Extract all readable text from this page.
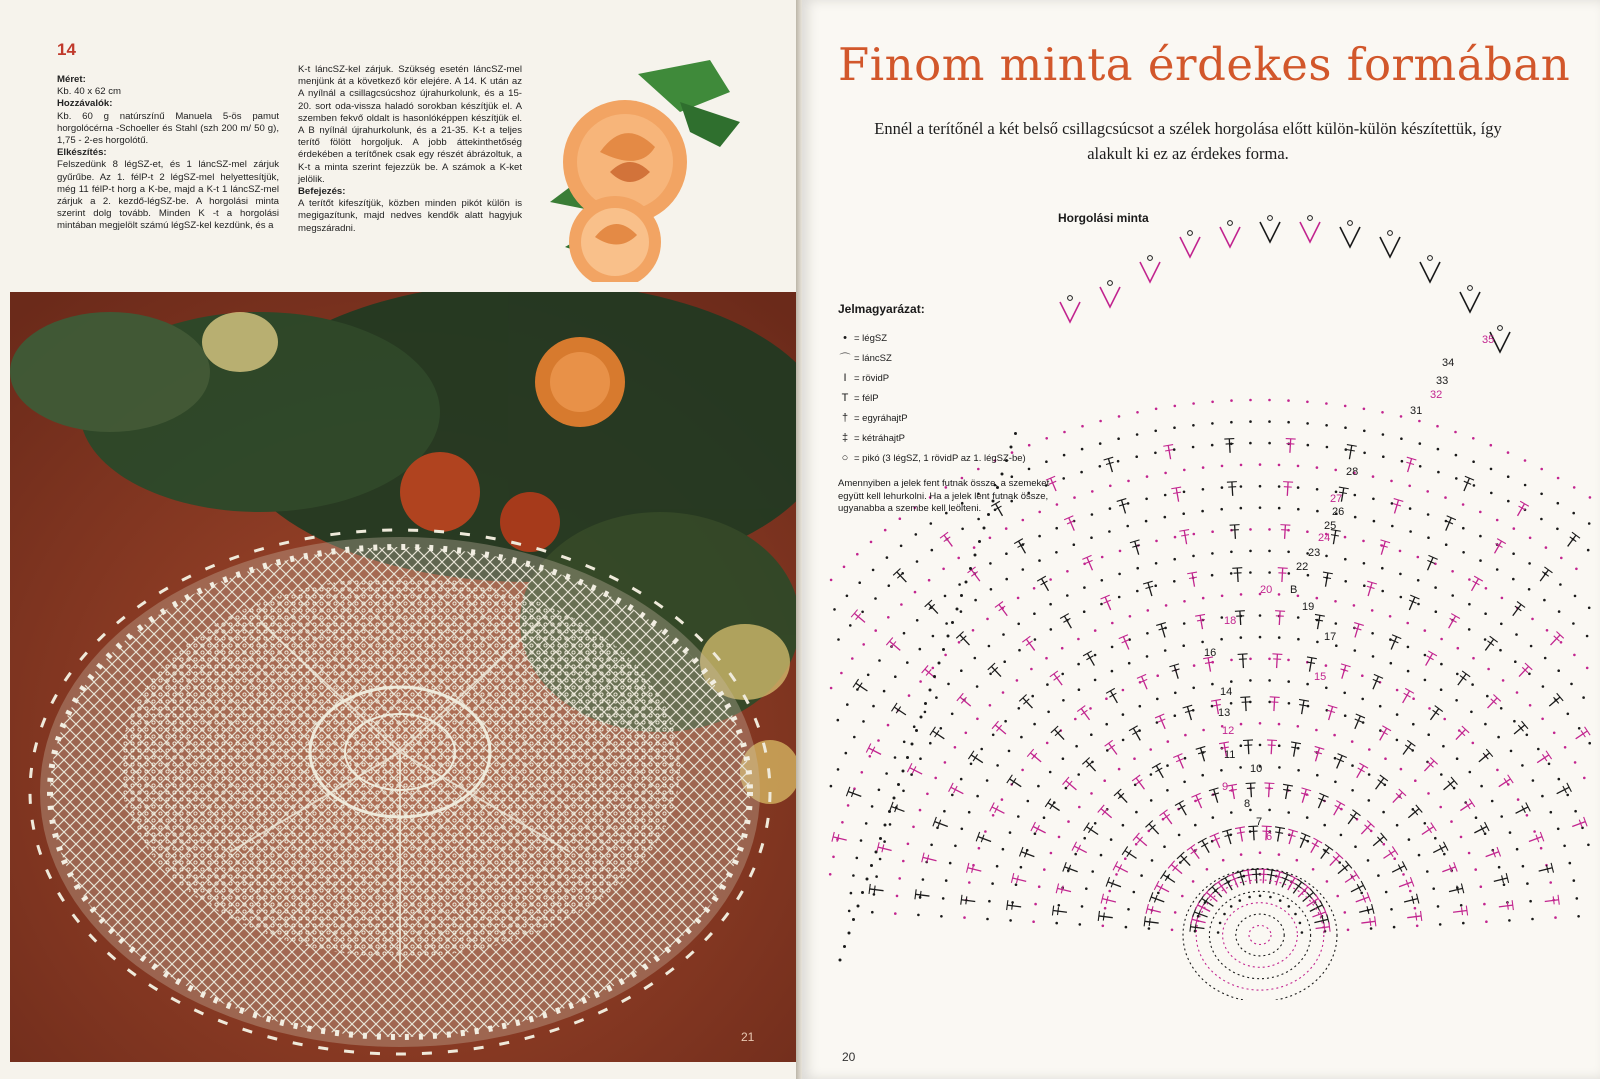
14

Méret:
Kb. 40 x 62 cm

Hozzávalók:
Kb. 60 g natúrszínű Manuela 5-ös pamut horgolócérna -Schoeller és Stahl (szh 200 m/ 50 g), 1,75 - 2-es horgolótű.

Elkészítés:
Felszedünk 8 légSZ-et, és 1 láncSZ-mel zárjuk gyűrűbe. Az 1. félP-t 2 légSZ-mel helyettesítjük, még 11 félP-t horg a K-be, majd a K-t 1 láncSZ-mel zárjuk a 2. kezdő-légSZ-be. A horgolási minta szerint dolg tovább. Minden K -t a horgolási mintában megjelölt számú légSZ-kel kezdünk, és a

K-t láncSZ-kel zárjuk. Szükség esetén láncSZ-mel menjünk át a következő kör elejére. A 14. K után az A nyílnál a csillagcsúcshoz újrahurkolunk, és a 15-20. sort oda-vissza haladó sorokban készítjük el. A szemben fekvő oldalt is hasonlóképpen készítjük el. A B nyílnál újrahurkolunk, és a 21-35. K-t a teljes terítő fölött horgoljuk. A jobb áttekinthetőség érdekében a terítőnek csak egy részét ábrázoltuk, a K-t a minta szerint fejezzük be. A számok a K-ket jelölik.

Befejezés:
A terítőt kifeszítjük, közben minden pikót külön is megigazítunk, majd nedves kendők alatt hagyjuk megszáradni.

21
Finom minta érdekes formában
Ennél a terítőnél a két belső csillagcsúcsot a szélek horgolása előtt külön-külön készítettük, így alakult ki ez az érdekes forma.
Horgolási minta
35
34
33
32
31
28
27
26
25
24
23
22
20 B
19
18
17
16
15
14
13
12
11
10
9
8
7
6
Jelmagyarázat:
• = légSZ
⌒ = láncSZ
I = rövidP
T = félP
† = egyráhajtP
‡ = kétráhajtP
○ = pikó (3 légSZ, 1 rövidP az 1. légSZ-be)
Amennyiben a jelek fent futnak össze, a szemeket együtt kell lehurkolni. Ha a jelek lent futnak össze, ugyanabba a szembe kell leölteni.
20
